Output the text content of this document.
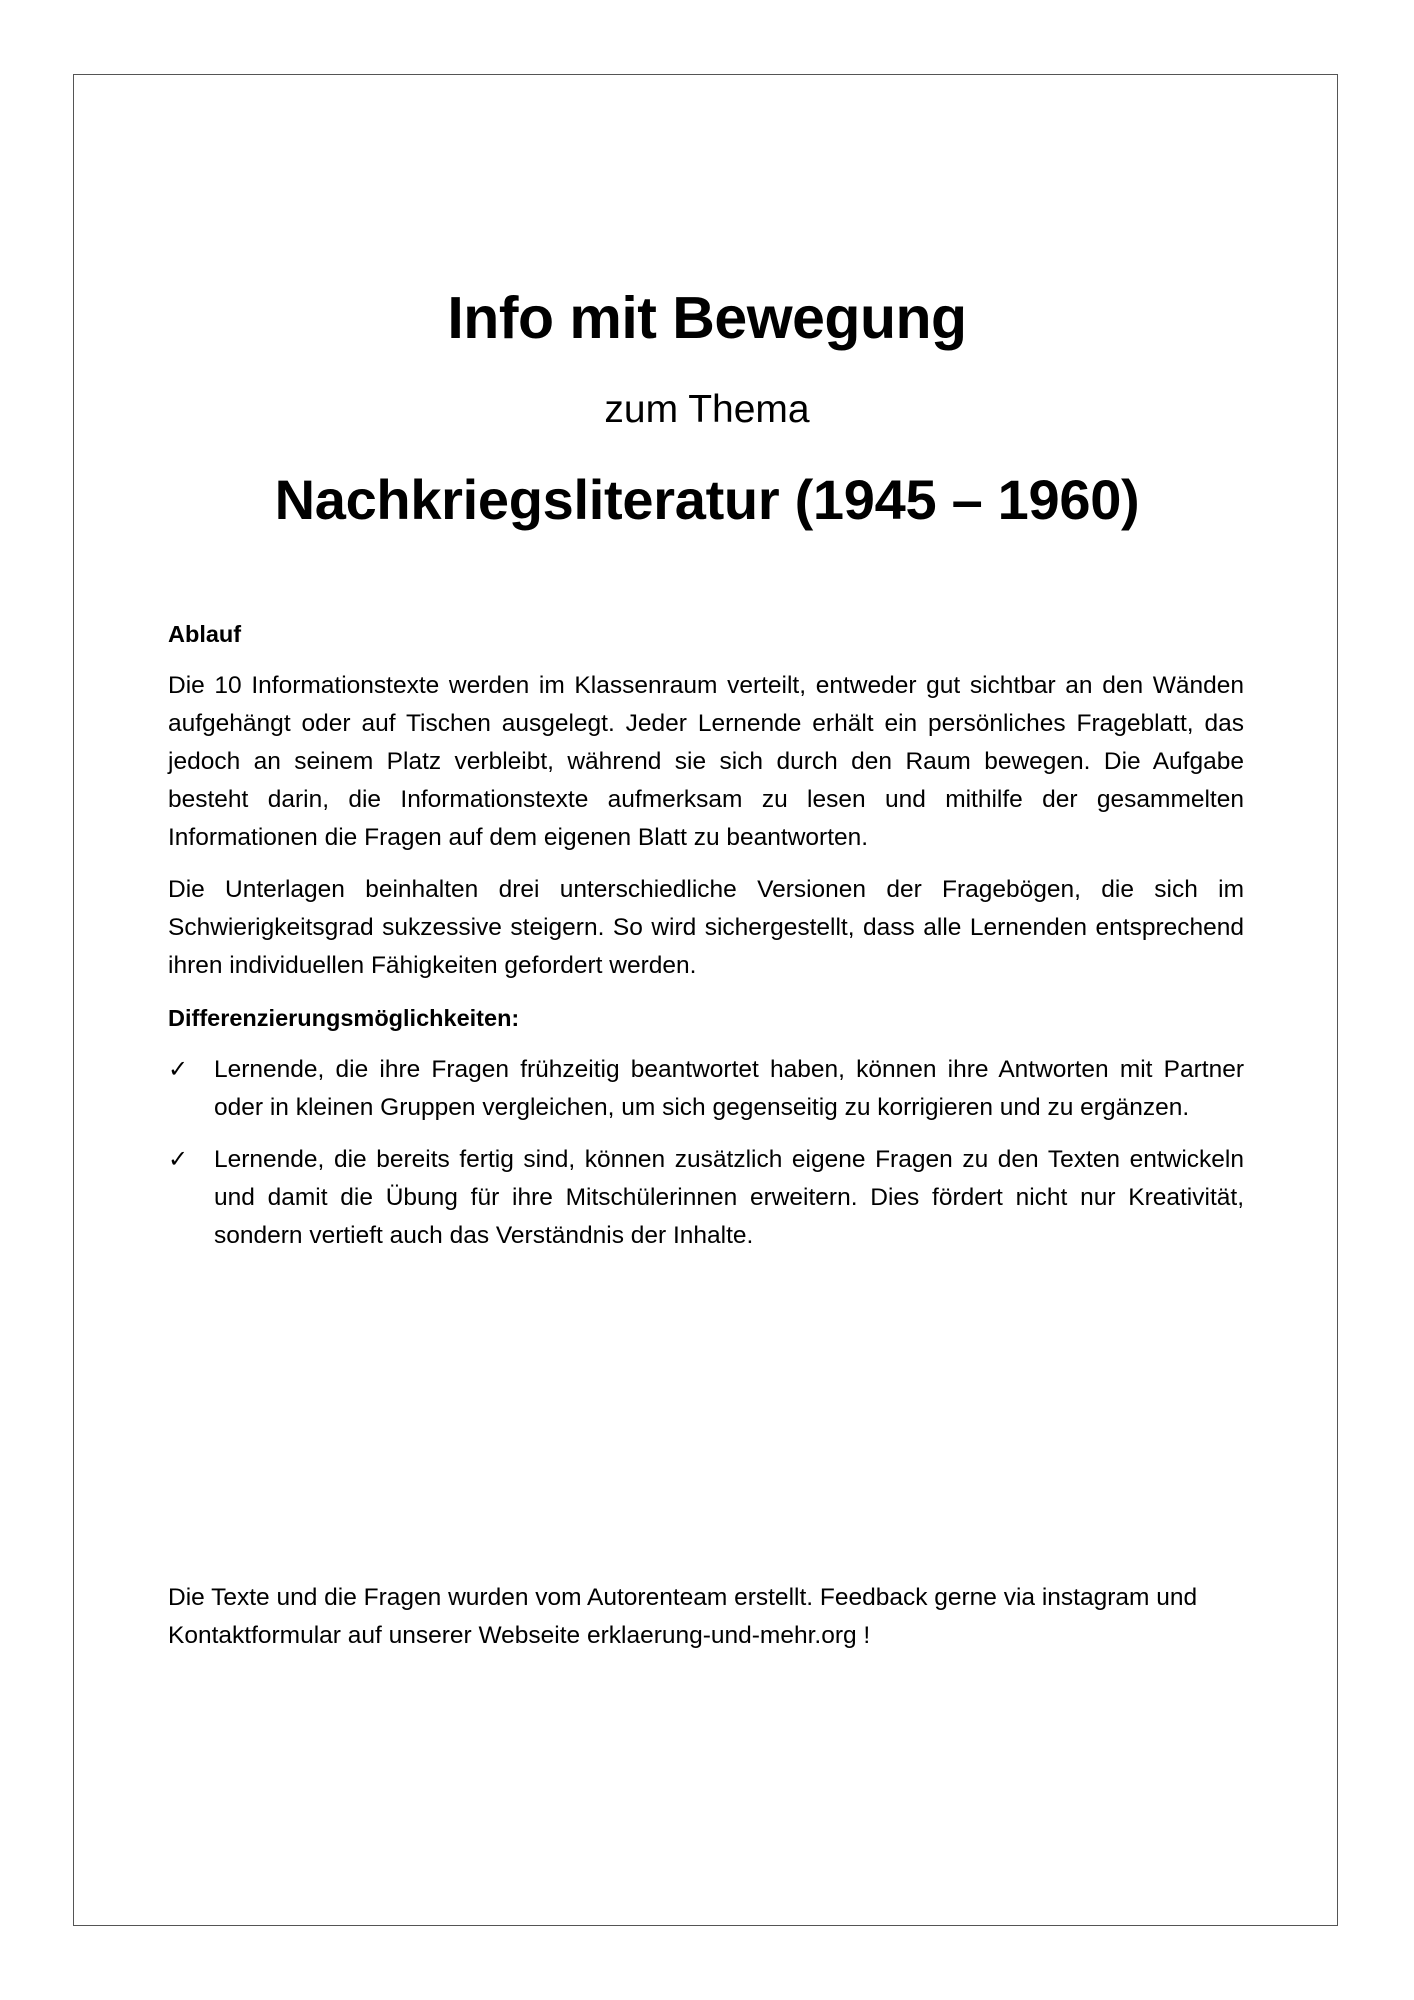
Info mit Bewegung
zum Thema
Nachkriegsliteratur (1945 – 1960)
Ablauf

Die 10 Informationstexte werden im Klassenraum verteilt, entweder gut sichtbar an den Wänden aufgehängt oder auf Tischen ausgelegt. Jeder Lernende erhält ein persönliches Frageblatt, das jedoch an seinem Platz verbleibt, während sie sich durch den Raum bewegen. Die Aufgabe besteht darin, die Informationstexte aufmerksam zu lesen und mithilfe der gesammelten Informationen die Fragen auf dem eigenen Blatt zu beantworten.

Die Unterlagen beinhalten drei unterschiedliche Versionen der Fragebögen, die sich im Schwierigkeitsgrad sukzessive steigern. So wird sichergestellt, dass alle Lernenden entsprechend ihren individuellen Fähigkeiten gefordert werden.

Differenzierungsmöglichkeiten:
✓	Lernende, die ihre Fragen frühzeitig beantwortet haben, können ihre Antworten mit Partner oder in kleinen Gruppen vergleichen, um sich gegenseitig zu korrigieren und zu ergänzen.
✓	Lernende, die bereits fertig sind, können zusätzlich eigene Fragen zu den Texten entwickeln und damit die Übung für ihre Mitschülerinnen erweitern. Dies fördert nicht nur Kreativität, sondern vertieft auch das Verständnis der Inhalte.

Die Texte und die Fragen wurden vom Autorenteam erstellt. Feedback gerne via instagram und Kontaktformular auf unserer Webseite erklaerung-und-mehr.org !
